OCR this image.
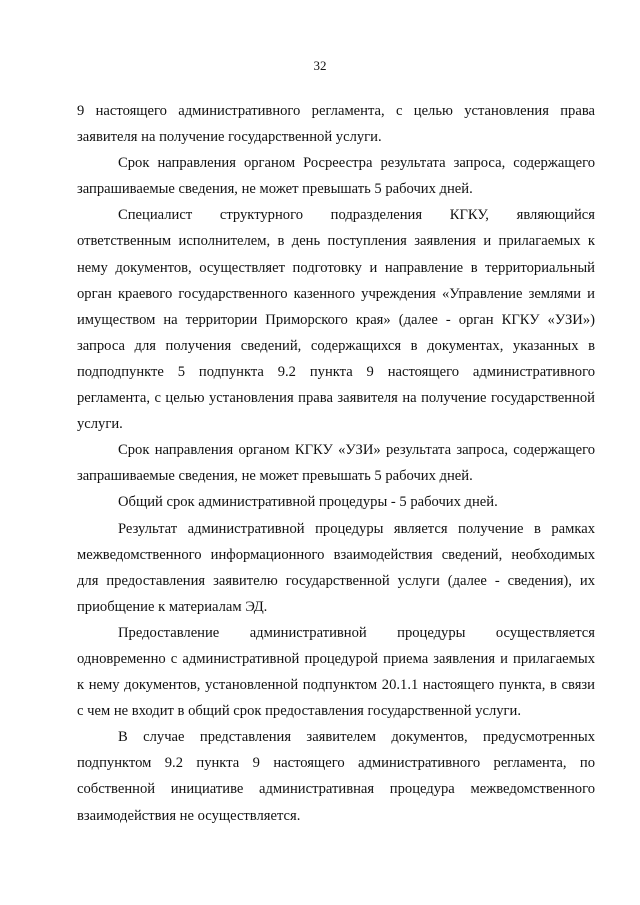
32

9 настоящего административного регламента, с целью установления права заявителя на получение государственной услуги.

Срок направления органом Росреестра результата запроса, содержащего запрашиваемые сведения, не может превышать 5 рабочих дней.

Специалист структурного подразделения КГКУ, являющийся ответственным исполнителем, в день поступления заявления и прилагаемых к нему документов, осуществляет подготовку и направление в территориальный орган краевого государственного казенного учреждения «Управление землями и имуществом на территории Приморского края» (далее - орган КГКУ «УЗИ») запроса для получения сведений, содержащихся в документах, указанных в подподпункте 5 подпункта 9.2 пункта 9 настоящего административного регламента, с целью установления права заявителя на получение государственной услуги.

Срок направления органом КГКУ «УЗИ» результата запроса, содержащего запрашиваемые сведения, не может превышать 5 рабочих дней.

Общий срок административной процедуры - 5 рабочих дней.

Результат административной процедуры является получение в рамках межведомственного информационного взаимодействия сведений, необходимых для предоставления заявителю государственной услуги (далее - сведения), их приобщение к материалам ЭД.

Предоставление административной процедуры осуществляется одновременно с административной процедурой приема заявления и прилагаемых к нему документов, установленной подпунктом 20.1.1 настоящего пункта, в связи с чем не входит в общий срок предоставления государственной услуги.

В случае представления заявителем документов, предусмотренных подпунктом 9.2 пункта 9 настоящего административного регламента, по собственной инициативе административная процедура межведомственного взаимодействия не осуществляется.
